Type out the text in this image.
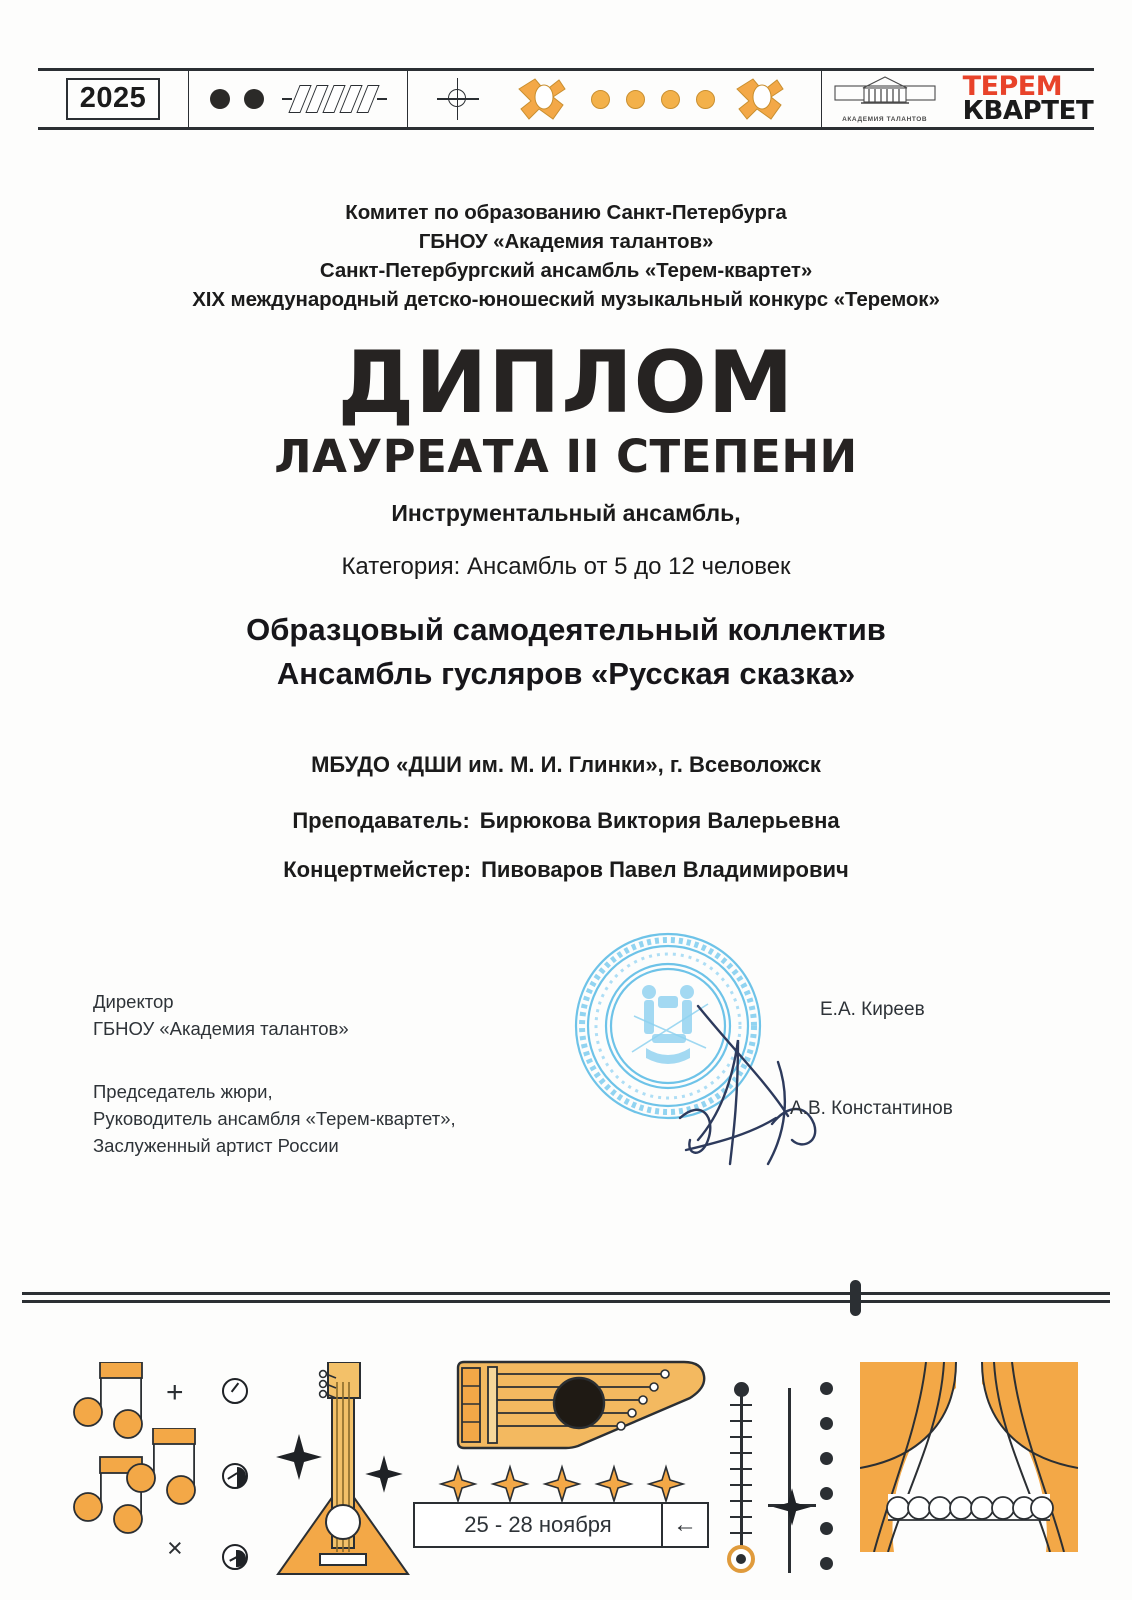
2025
АКАДЕМИЯ ТАЛАНТОВ
ТЕРЕМ
КВАРТЕТ
Комитет по образованию Санкт-Петербурга
ГБНОУ «Академия талантов»
Санкт-Петербургский ансамбль «Терем-квартет»
XIX международный детско-юношеский музыкальный конкурс «Теремок»
ДИПЛОМ
ЛАУРЕАТА II СТЕПЕНИ
Инструментальный ансамбль,
Категория: Ансамбль от 5 до 12 человек
Образцовый самодеятельный коллектив
Ансамбль гусляров «Русская сказка»
МБУДО «ДШИ им. М. И. Глинки», г. Всеволожск
Преподаватель: Бирюкова Виктория Валерьевна
Концертмейстер: Пивоваров Павел Владимирович
Директор
ГБНОУ «Академия талантов»
Е.А. Киреев
Председатель жюри,
Руководитель ансамбля «Терем-квартет»,
Заслуженный артист России
А.В. Константинов
+
×
25 - 28 ноября	←
